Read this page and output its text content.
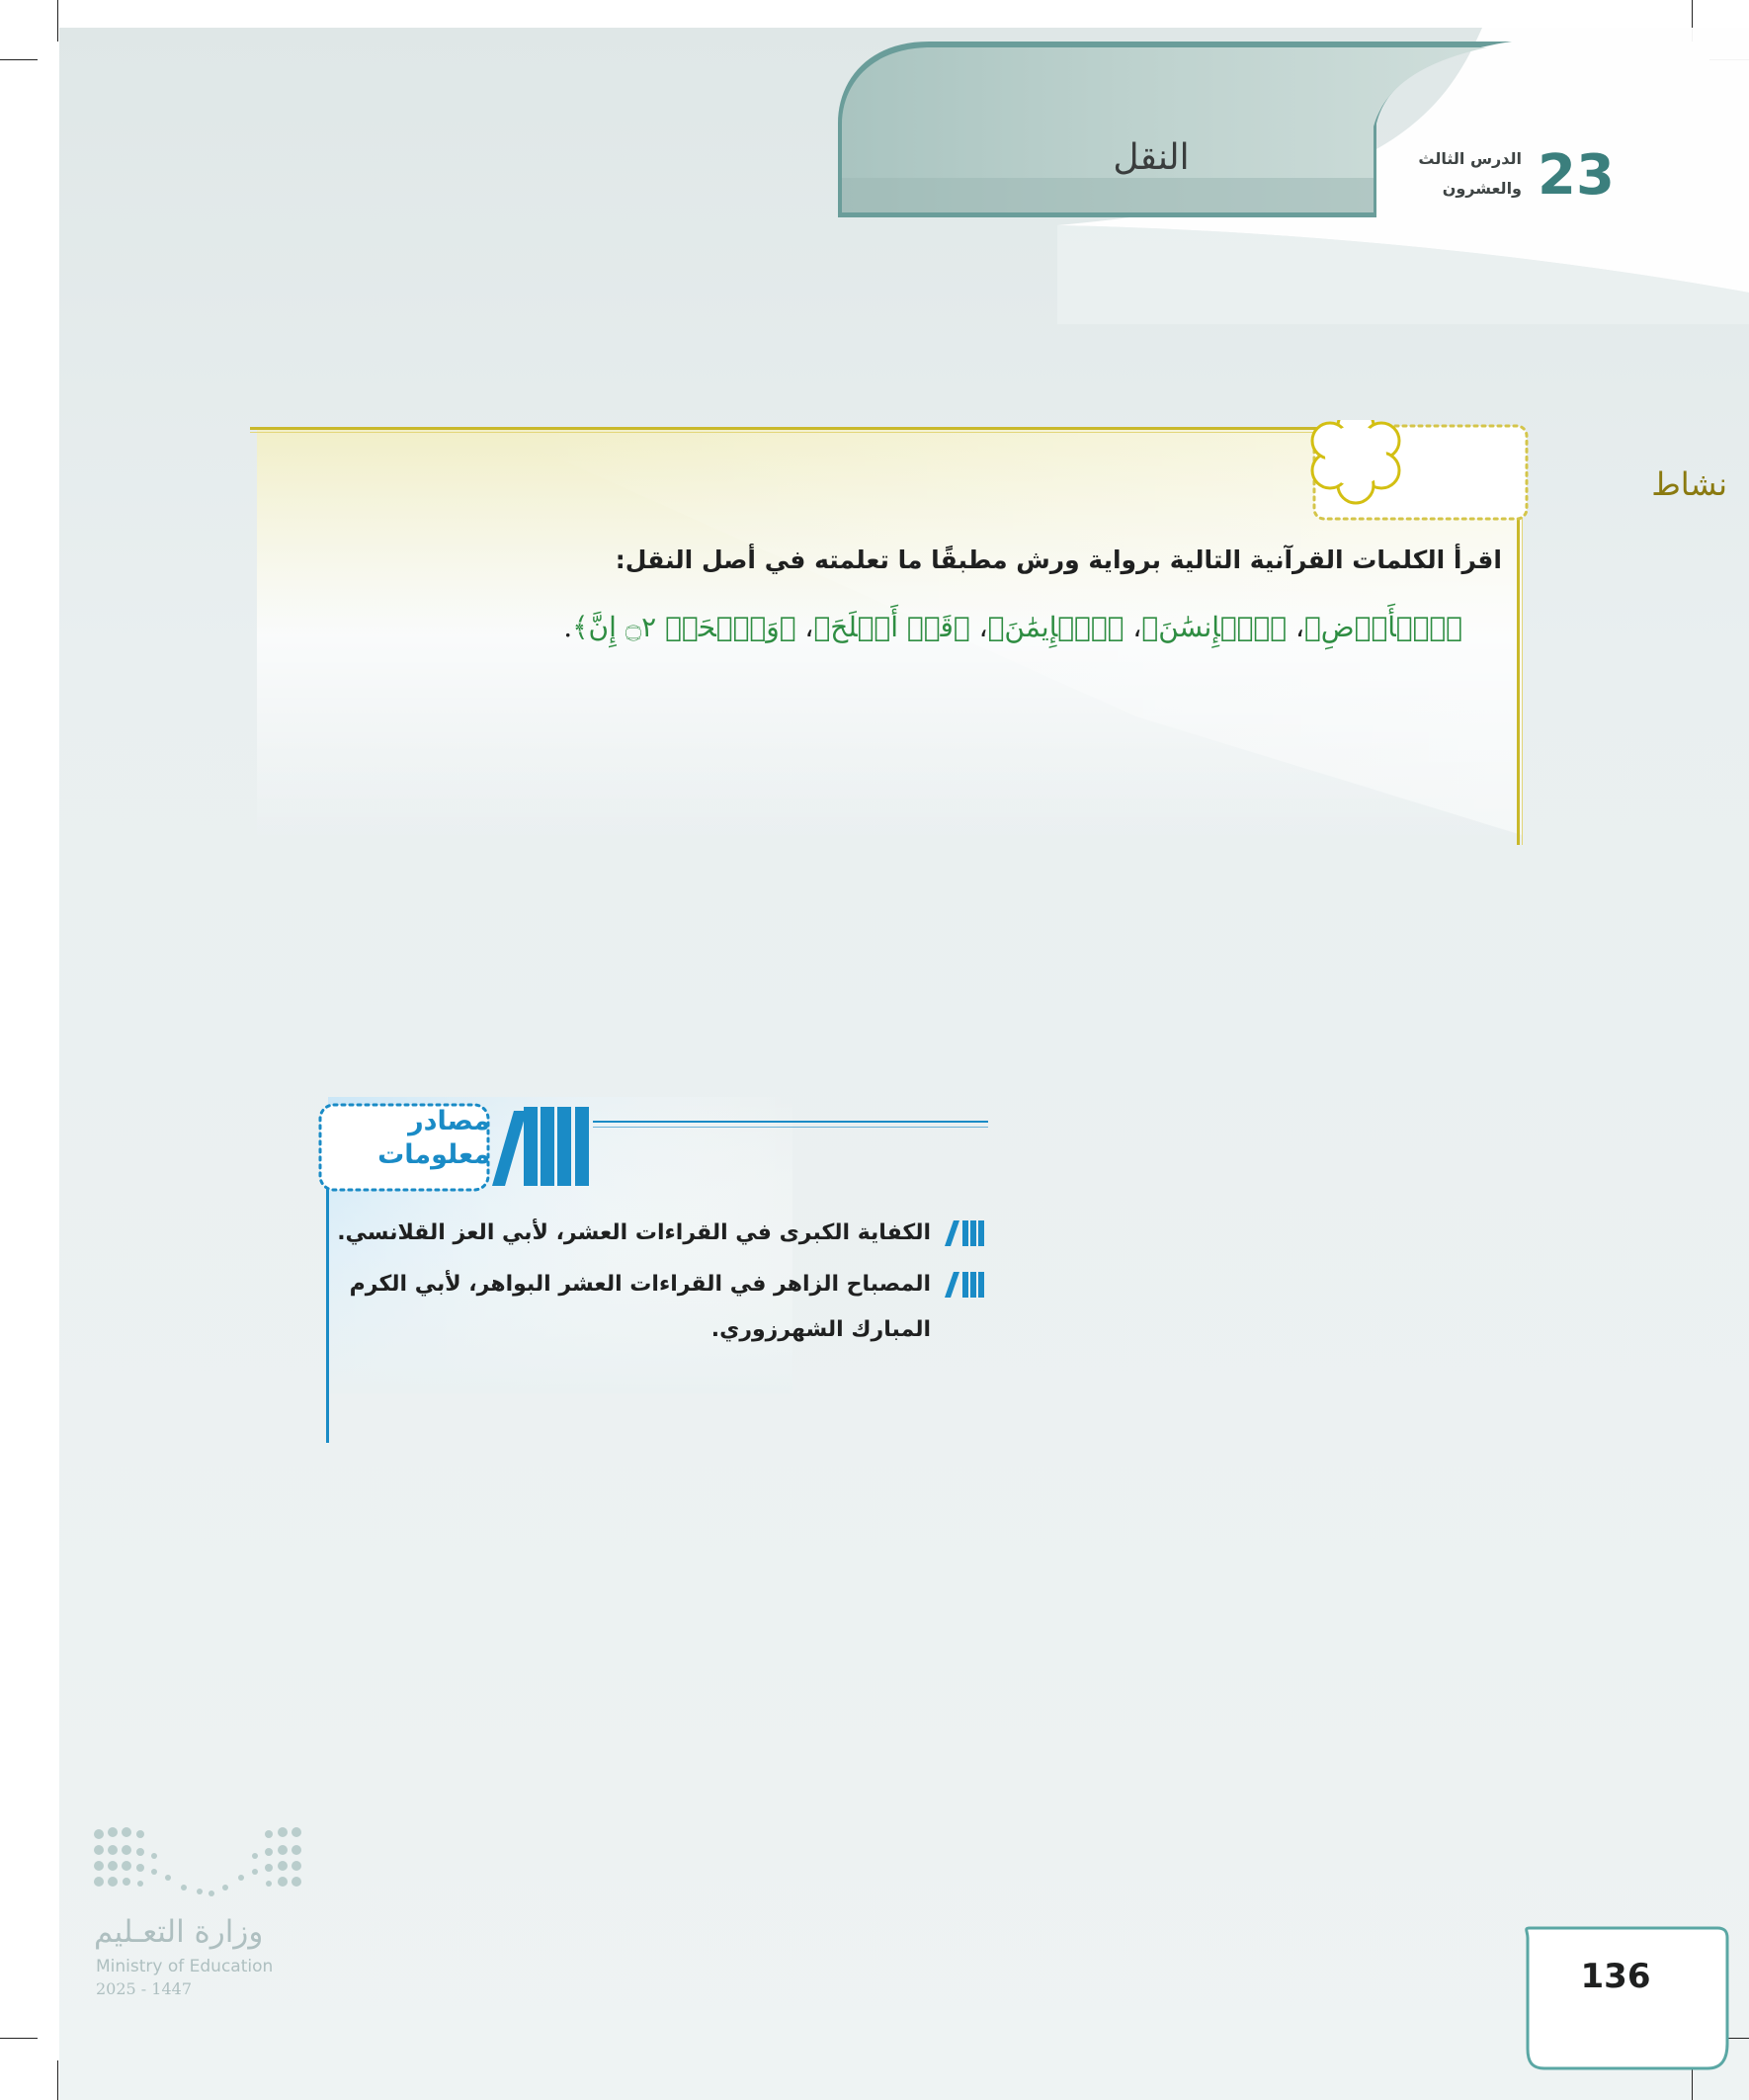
23
الدرس الثالث
والعشرون
النقل
نشاط
اقرأ الكلمات القرآنية التالية برواية ورش مطبقًا ما تعلمته في أصل النقل:
﴿ٱلۡأَرۡضِ﴾، ﴿ٱلۡإِنسَٰنَ﴾، ﴿ٱلۡإِيمَٰنَ﴾، ﴿قَدۡ أَفۡلَحَ﴾، ﴿وَٱنۡحَرۡ ۝٢ إِنَّ﴾.
مصادر
معلومات
الكفاية الكبرى في القراءات العشر، لأبي العز القلانسي.
المصباح الزاهر في القراءات العشر البواهر، لأبي الكرم المبارك الشهرزوري.
وزارة التعـليم
Ministry of Education
2025 - 1447	136
